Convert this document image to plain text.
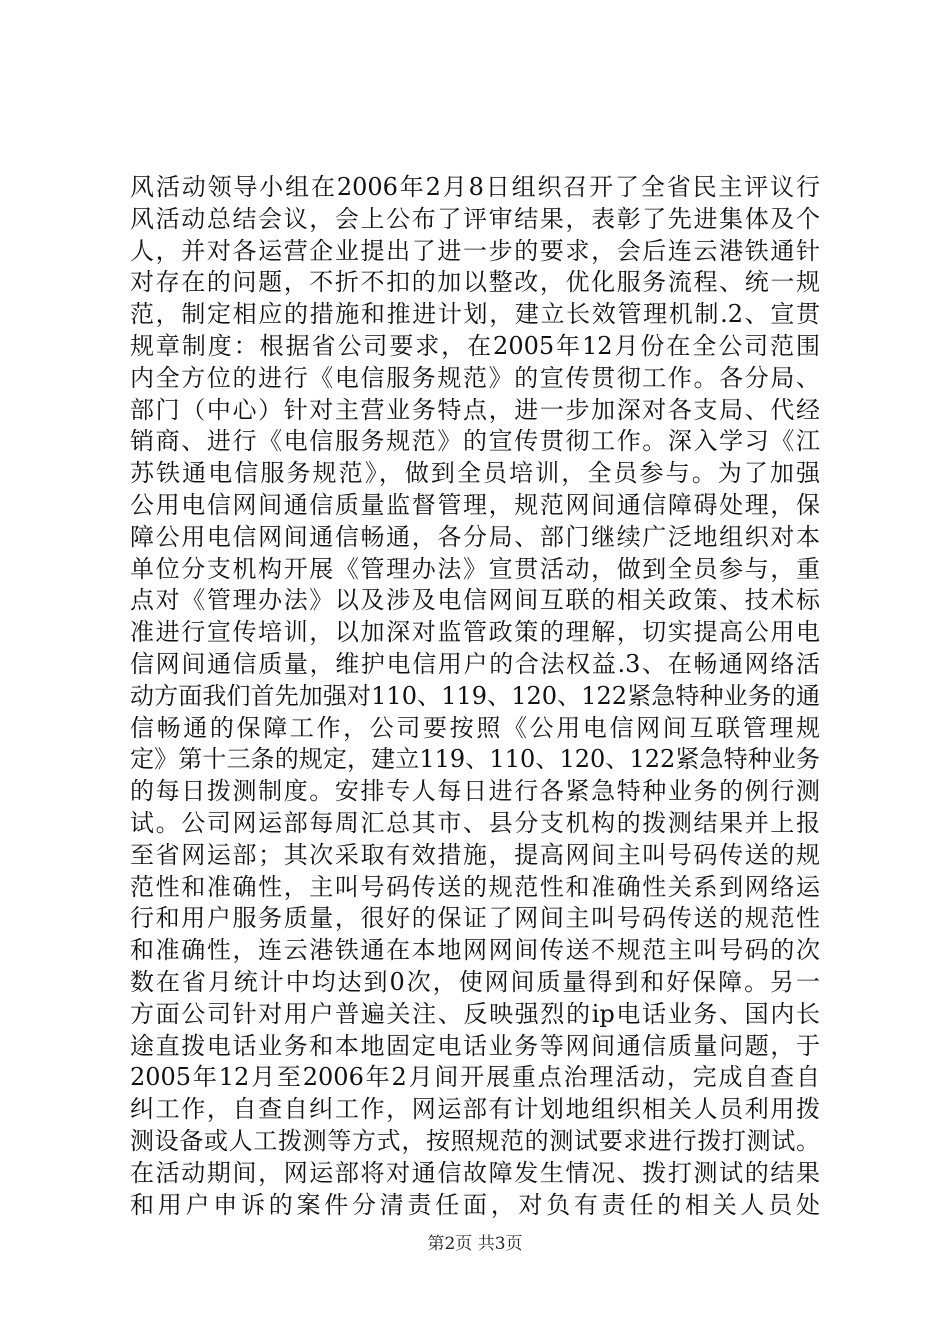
风活动领导小组在2006年2月8日组织召开了全省民主评议行
风活动总结会议，会上公布了评审结果，表彰了先进集体及个
人，并对各运营企业提出了进一步的要求，会后连云港铁通针
对存在的问题，不折不扣的加以整改，优化服务流程、统一规
范，制定相应的措施和推进计划，建立长效管理机制.2、宣贯
规章制度：根据省公司要求，在2005年12月份在全公司范围
内全方位的进行《电信服务规范》的宣传贯彻工作。各分局、
部门（中心）针对主营业务特点，进一步加深对各支局、代经
销商、进行《电信服务规范》的宣传贯彻工作。深入学习《江
苏铁通电信服务规范》，做到全员培训，全员参与。为了加强
公用电信网间通信质量监督管理，规范网间通信障碍处理，保
障公用电信网间通信畅通，各分局、部门继续广泛地组织对本
单位分支机构开展《管理办法》宣贯活动，做到全员参与，重
点对《管理办法》以及涉及电信网间互联的相关政策、技术标
准进行宣传培训，以加深对监管政策的理解，切实提高公用电
信网间通信质量，维护电信用户的合法权益.3、在畅通网络活
动方面我们首先加强对110、119、120、122紧急特种业务的通
信畅通的保障工作，公司要按照《公用电信网间互联管理规
定》第十三条的规定，建立119、110、120、122紧急特种业务
的每日拨测制度。安排专人每日进行各紧急特种业务的例行测
试。公司网运部每周汇总其市、县分支机构的拨测结果并上报
至省网运部；其次采取有效措施，提高网间主叫号码传送的规
范性和准确性，主叫号码传送的规范性和准确性关系到网络运
行和用户服务质量，很好的保证了网间主叫号码传送的规范性
和准确性，连云港铁通在本地网网间传送不规范主叫号码的次
数在省月统计中均达到0次，使网间质量得到和好保障。另一
方面公司针对用户普遍关注、反映强烈的ip电话业务、国内长
途直拨电话业务和本地固定电话业务等网间通信质量问题，于
2005年12月至2006年2月间开展重点治理活动，完成自查自
纠工作，自查自纠工作，网运部有计划地组织相关人员利用拨
测设备或人工拨测等方式，按照规范的测试要求进行拨打测试。
在活动期间，网运部将对通信故障发生情况、拨打测试的结果
和用户申诉的案件分清责任面，对负有责任的相关人员处
第2页 共3页
